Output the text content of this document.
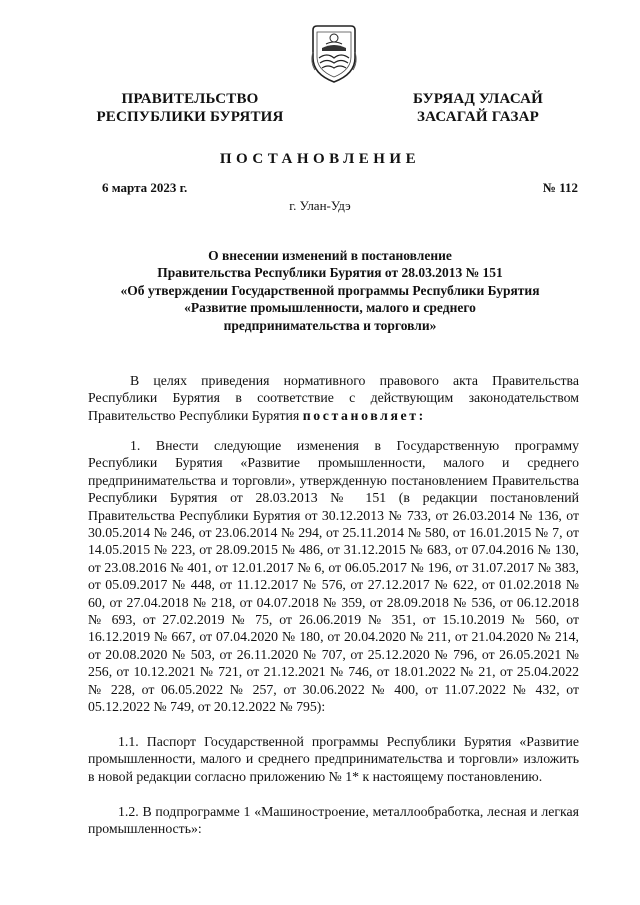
ПРАВИТЕЛЬСТВО
РЕСПУБЛИКИ БУРЯТИЯ
БУРЯАД УЛАСАЙ
ЗАСАГАЙ ГАЗАР
ПОСТАНОВЛЕНИЕ
6 марта 2023 г.	№ 112
г. Улан-Удэ
О внесении изменений в постановление
Правительства Республики Бурятия от 28.03.2013 № 151
«Об утверждении Государственной программы Республики Бурятия
«Развитие промышленности, малого и среднего
предпринимательства и торговли»
В целях приведения нормативного правового акта Правительства Республики Бурятия в соответствие с действующим законодательством Правительство Республики Бурятия постановляет:
1. Внести следующие изменения в Государственную программу Республики Бурятия «Развитие промышленности, малого и среднего предпринимательства и торговли», утвержденную постановлением Правительства Республики Бурятия от 28.03.2013 № 151 (в редакции постановлений Правительства Республики Бурятия от 30.12.2013 № 733, от 26.03.2014 № 136, от 30.05.2014 № 246, от 23.06.2014 № 294, от 25.11.2014 № 580, от 16.01.2015 № 7, от 14.05.2015 № 223, от 28.09.2015 № 486, от 31.12.2015 № 683, от 07.04.2016 № 130, от 23.08.2016 № 401, от 12.01.2017 № 6, от 06.05.2017 № 196, от 31.07.2017 № 383, от 05.09.2017 № 448, от 11.12.2017 № 576, от 27.12.2017 № 622, от 01.02.2018 № 60, от 27.04.2018 № 218, от 04.07.2018 № 359, от 28.09.2018 № 536, от 06.12.2018 № 693, от 27.02.2019 № 75, от 26.06.2019 № 351, от 15.10.2019 № 560, от 16.12.2019 № 667, от 07.04.2020 № 180, от 20.04.2020 № 211, от 21.04.2020 № 214, от 20.08.2020 № 503, от 26.11.2020 № 707, от 25.12.2020 № 796, от 26.05.2021 № 256, от 10.12.2021 № 721, от 21.12.2021 № 746, от 18.01.2022 № 21, от 25.04.2022 № 228, от 06.05.2022 № 257, от 30.06.2022 № 400, от 11.07.2022 № 432, от 05.12.2022 № 749, от 20.12.2022 № 795):
1.1. Паспорт Государственной программы Республики Бурятия «Развитие промышленности, малого и среднего предпринимательства и торговли» изложить в новой редакции согласно приложению № 1* к настоящему постановлению.
1.2. В подпрограмме 1 «Машиностроение, металлообработка, лесная и легкая промышленность»:
